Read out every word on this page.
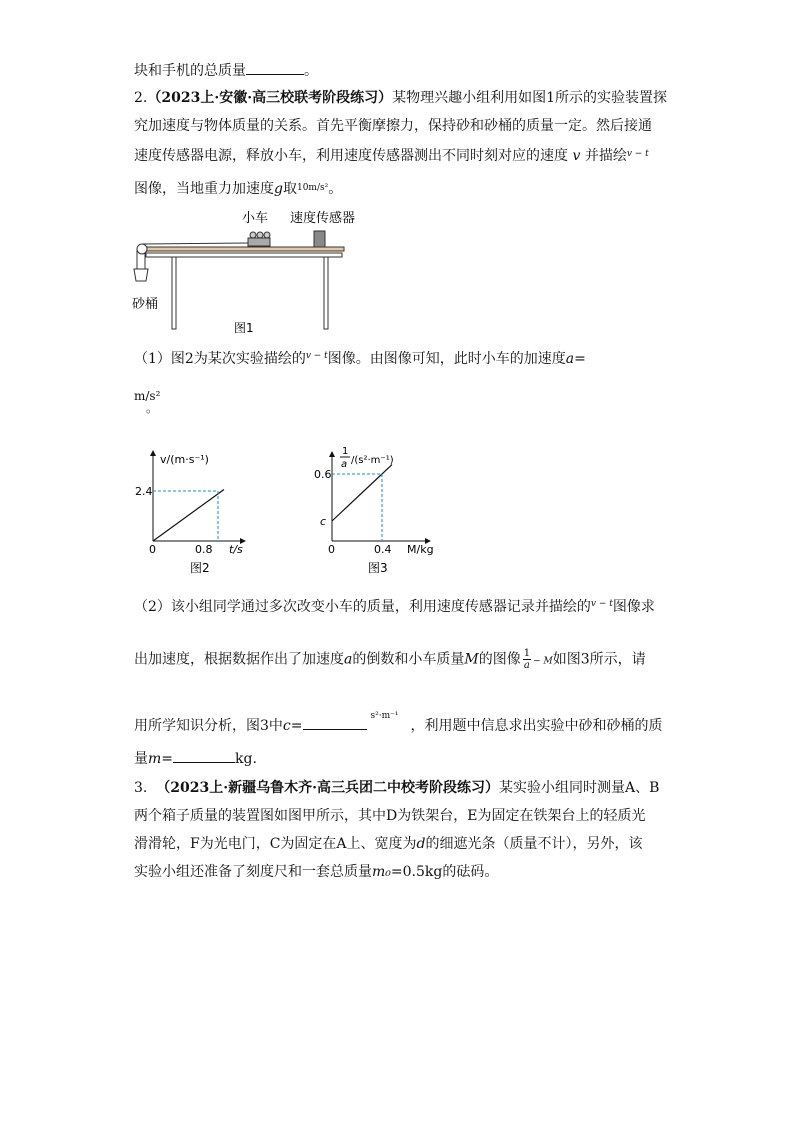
块和手机的总质量	。
2.（2023上·安徽·高三校联考阶段练习）某物理兴趣小组利用如图1所示的实验装置探
究加速度与物体质量的关系。首先平衡摩擦力，保持砂和砂桶的质量一定。然后接通
速度传感器电源，释放小车，利用速度传感器测出不同时刻对应的速度 v 并描绘$^{v - t}$
图像，当地重力加速度g取$^{10m/s^2}$。
小车 速度传感器
砂桶
图1
（1）图2为某次实验描绘的$^{v - t}$图像。由图像可知，此时小车的加速度a=
m/s²
。
v/(m·s⁻¹)
t/s
0
2.4
0.8
图2
1
a /(s²·m⁻¹)
M/kg
0
0.6
c
0.4
图3
（2）该小组同学通过多次改变小车的质量，利用速度传感器记录并描绘的$^{v - t}$图像求
出加速度，根据数据作出了加速度a的倒数和小车质量M的图像 $\frac{1}{a} - M$如图3所示，请
用所学知识分析，图3中c=$^{s^2\cdot m^{-1}}$，利用题中信息求出实验中砂和砂桶的质
量m=	kg.
3. （2023上·新疆乌鲁木齐·高三兵团二中校考阶段练习）某实验小组同时测量A、B
两个箱子质量的装置图如图甲所示，其中D为铁架台，E为固定在铁架台上的轻质光
滑滑轮，F为光电门，C为固定在A上、宽度为d的细遮光条（质量不计），另外，该
实验小组还准备了刻度尺和一套总质量m₀=0.5kg的砝码。
